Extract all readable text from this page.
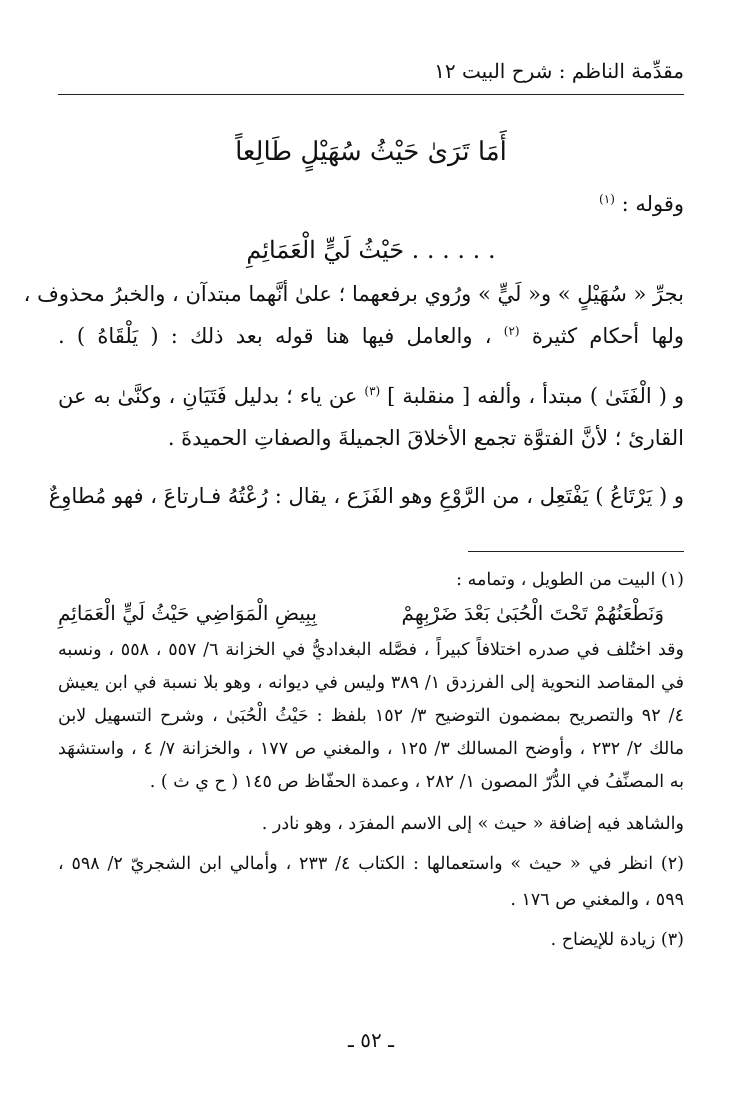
مقدِّمة الناظم : شرح البيت ١٢
أَمَا تَرَىٰ حَيْثُ سُهَيْلٍ طَالِعاً
وقوله : $^{(١)}$
. . . . . . حَيْثُ لَيٍّ الْعَمَائِمِ
بجرِّ « سُهَيْلٍ » و« لَيٍّ » ورُوي برفعهما ؛ علىٰ أنَّهما مبتدآن ، والخبرُ محذوف ،
ولها أحكام كثيرة $^{(٢)}$ ، والعامل فيها هنا قوله بعد ذلك : ( يَلْقَاهُ ) .
و ( الْفَتَىٰ ) مبتدأ ، وألفه [ منقلبة ] $^{(٣)}$ عن ياء ؛ بدليل فَتَيَانِ ، وكنَّىٰ به عن
القارئ ؛ لأنَّ الفتوَّة تجمع الأخلاقَ الجميلةَ والصفاتِ الحميدةَ .
و ( يَرْتَاعُ ) يَفْتَعِل ، من الرَّوْعِ وهو الفَزَع ، يقال : رُعْتُهُ فـارتاعَ ، فهو مُطاوِعٌ
(١) البيت من الطويل ، وتمامه :
وَنَطْعَنُهُمْ تَحْتَ الْحُبَىٰ بَعْدَ ضَرْبِهِمْ
بِبِيضِ الْمَوَاضِي حَيْثُ لَيٍّ الْعَمَائِمِ
وقد اختُلف في صدره اختلافاً كبيراً ، فصَّله البغداديُّ في الخزانة ٦/ ٥٥٧ ، ٥٥٨ ، ونسبه
في المقاصد النحوية إلى الفرزدق ١/ ٣٨٩ وليس في ديوانه ، وهو بلا نسبة في ابن يعيش
٤/ ٩٢ والتصريح بمضمون التوضيح ٣/ ١٥٢ بلفظ : حَيْثُ الْحُبَىٰ ، وشرح التسهيل لابن
مالك ٢/ ٢٣٢ ، وأوضح المسالك ٣/ ١٢٥ ، والمغني ص ١٧٧ ، والخزانة ٧/ ٤ ، واستشهَد
به المصنِّفُ في الدُّرّ المصون ١/ ٢٨٢ ، وعمدة الحفّاظ ص ١٤٥ ( ح ي ث ) .
والشاهد فيه إضافة « حيث » إلى الاسم المفرَد ، وهو نادر .
(٢) انظر في « حيث » واستعمالها : الكتاب ٤/ ٢٣٣ ، وأمالي ابن الشجريّ ٢/ ٥٩٨ ،
٥٩٩ ، والمغني ص ١٧٦ .
(٣) زيادة للإيضاح .
ـ ٥٢ ـ
